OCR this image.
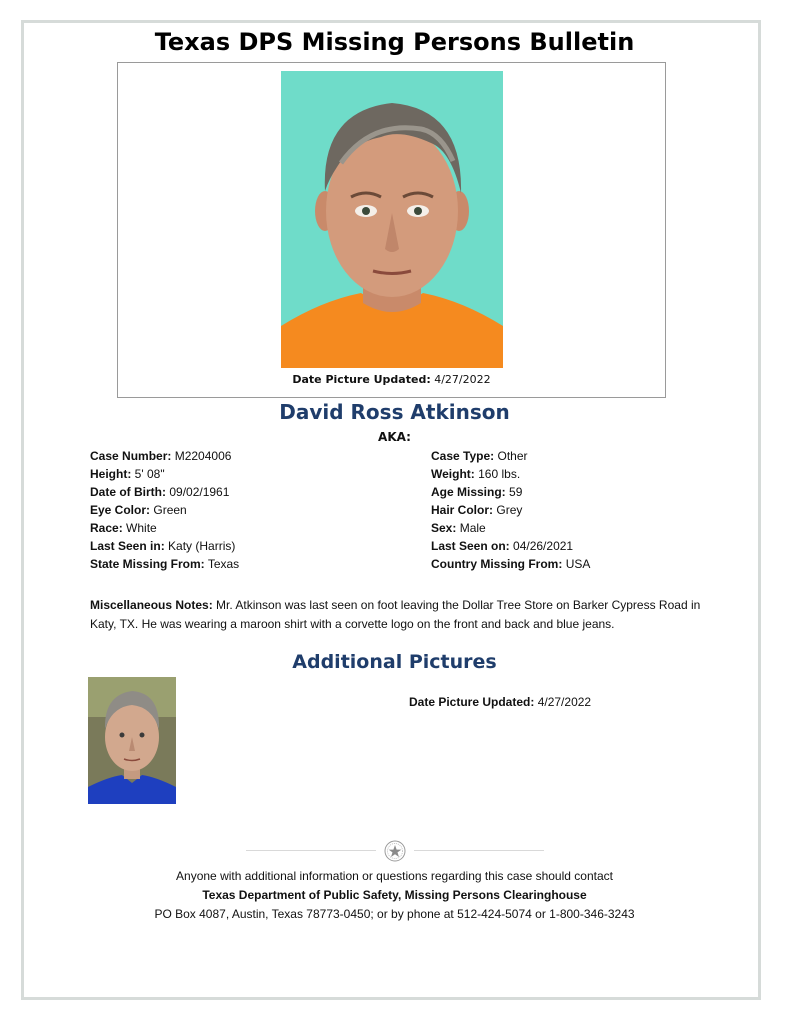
Texas DPS Missing Persons Bulletin
Date Picture Updated: 4/27/2022
David Ross Atkinson
AKA:
Case Number: M2204006
Height: 5' 08"
Date of Birth: 09/02/1961
Eye Color: Green
Race: White
Last Seen in: Katy (Harris)
State Missing From: Texas
Case Type: Other
Weight: 160 lbs.
Age Missing: 59
Hair Color: Grey
Sex: Male
Last Seen on: 04/26/2021
Country Missing From: USA
Miscellaneous Notes: Mr. Atkinson was last seen on foot leaving the Dollar Tree Store on Barker Cypress Road in Katy, TX. He was wearing a maroon shirt with a corvette logo on the front and back and blue jeans.
Additional Pictures
Date Picture Updated: 4/27/2022
Anyone with additional information or questions regarding this case should contact
Texas Department of Public Safety, Missing Persons Clearinghouse
PO Box 4087, Austin, Texas 78773-0450; or by phone at 512-424-5074 or 1-800-346-3243
